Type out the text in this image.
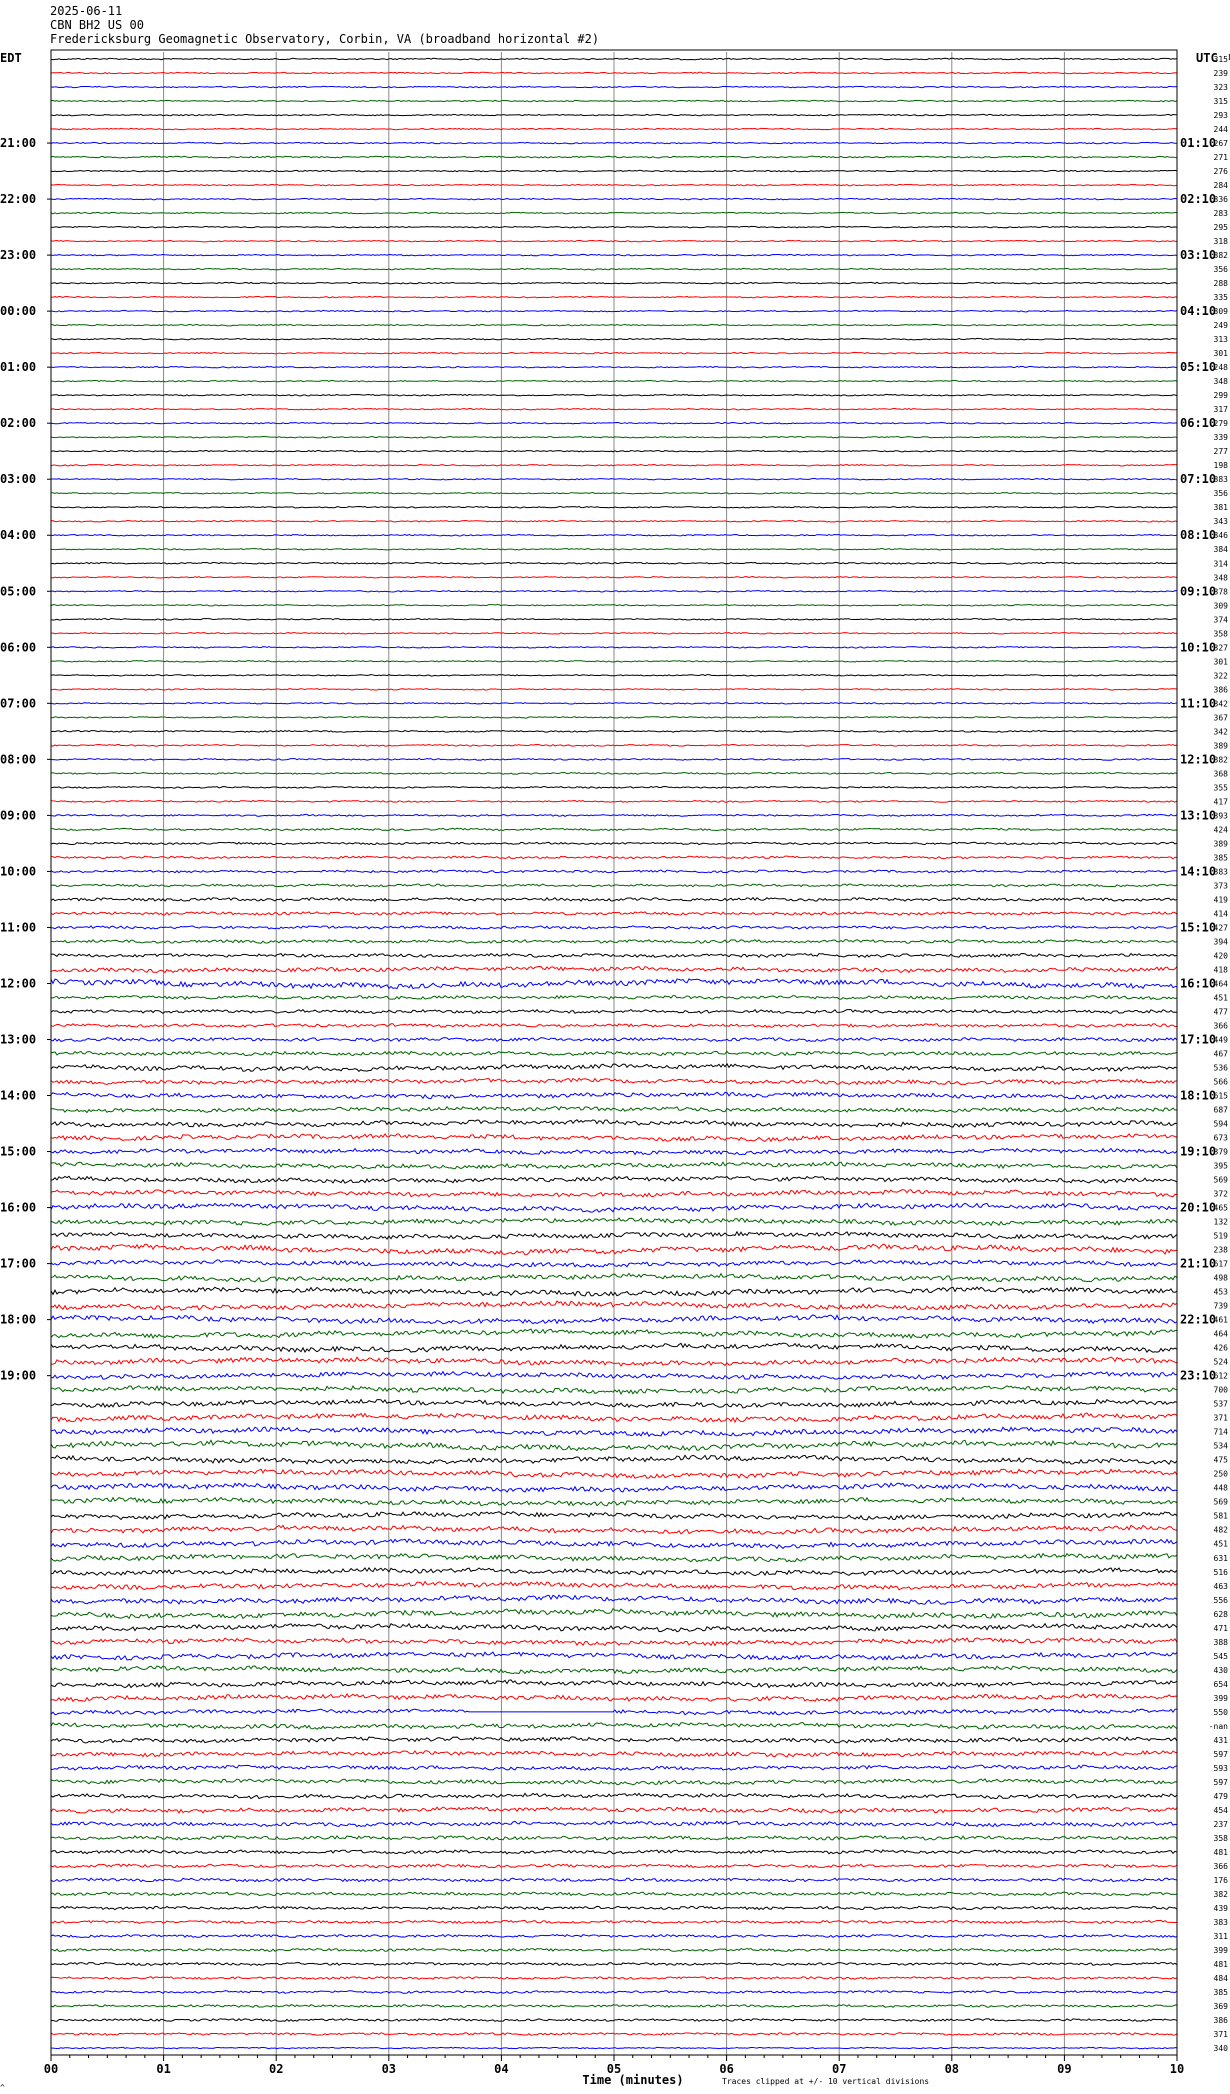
2025-06-11
CBN BH2 US 00
Fredericksburg Geomagnetic Observatory, Corbin, VA (broadband horizontal #2)
21:00
22:00
23:00
00:00
01:00
02:00
03:00
04:00
05:00
06:00
07:00
08:00
09:00
10:00
11:00
12:00
13:00
14:00
15:00
16:00
17:00
18:00
19:00
01:10
02:10
03:10
04:10
05:10
06:10
07:10
08:10
09:10
10:10
11:10
12:10
13:10
14:10
15:10
16:10
17:10
18:10
19:10
20:10
21:10
22:10
23:10
315
239
323
315
293
244
267
271
276
284
336
283
295
318
382
356
288
335
309
249
313
301
248
348
299
317
279
339
277
198
383
356
381
343
346
384
314
348
378
309
374
358
327
301
322
386
342
367
342
389
382
368
355
417
393
424
389
385
383
373
419
414
427
394
420
418
464
451
477
366
449
467
536
566
615
687
594
673
379
395
569
372
465
132
519
238
617
498
453
739
461
464
426
524
612
700
537
371
714
534
475
250
448
569
581
482
451
631
516
463
556
628
471
388
545
430
654
399
550
-nan
431
597
593
597
479
454
237
358
481
366
176
382
439
383
311
399
481
484
385
369
386
371
340
00	01	02	03	04	05	06	07	08	09	10
EDT	UTC
Time (minutes)	Traces clipped at +/- 10 vertical divisions
^
